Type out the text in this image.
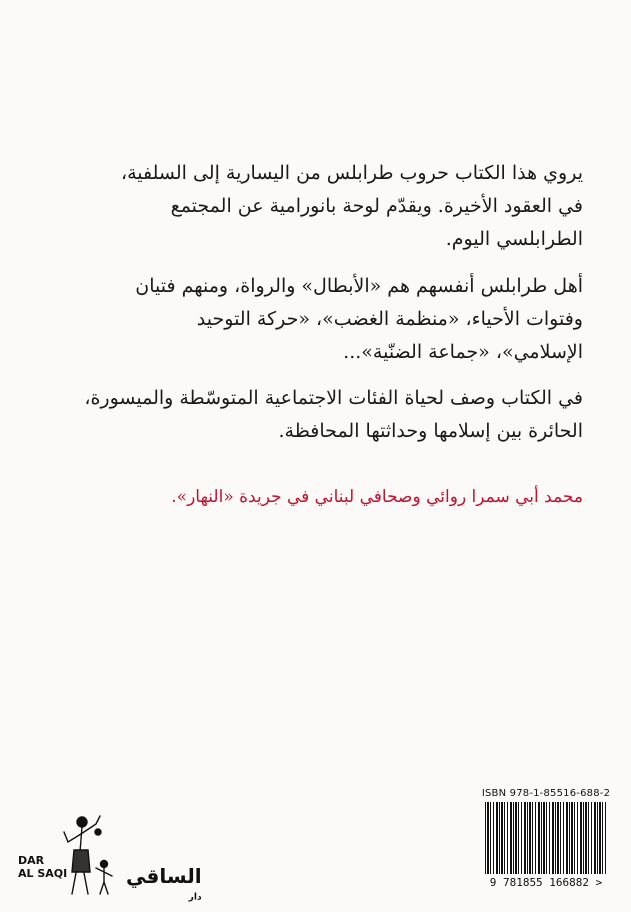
يروي هذا الكتاب حروب طرابلس من اليسارية إلى السلفية،
في العقود الأخيرة. ويقدّم لوحة بانورامية عن المجتمع
الطرابلسي اليوم.

أهل طرابلس أنفسهم هم «الأبطال» والرواة، ومنهم فتيان
وفتوات الأحياء، «منظمة الغضب»، «حركة التوحيد
الإسلامي»، «جماعة الضنّية»...

في الكتاب وصف لحياة الفئات الاجتماعية المتوسّطة والميسورة،
الحائرة بين إسلامها وحداثتها المحافظة.

محمد أبي سمرا روائي وصحافي لبناني في جريدة «النهار».

DAR
AL SAQI	الساقي $^{دار}$
ISBN 978-1-85516-688-2
9 781855 166882 >
